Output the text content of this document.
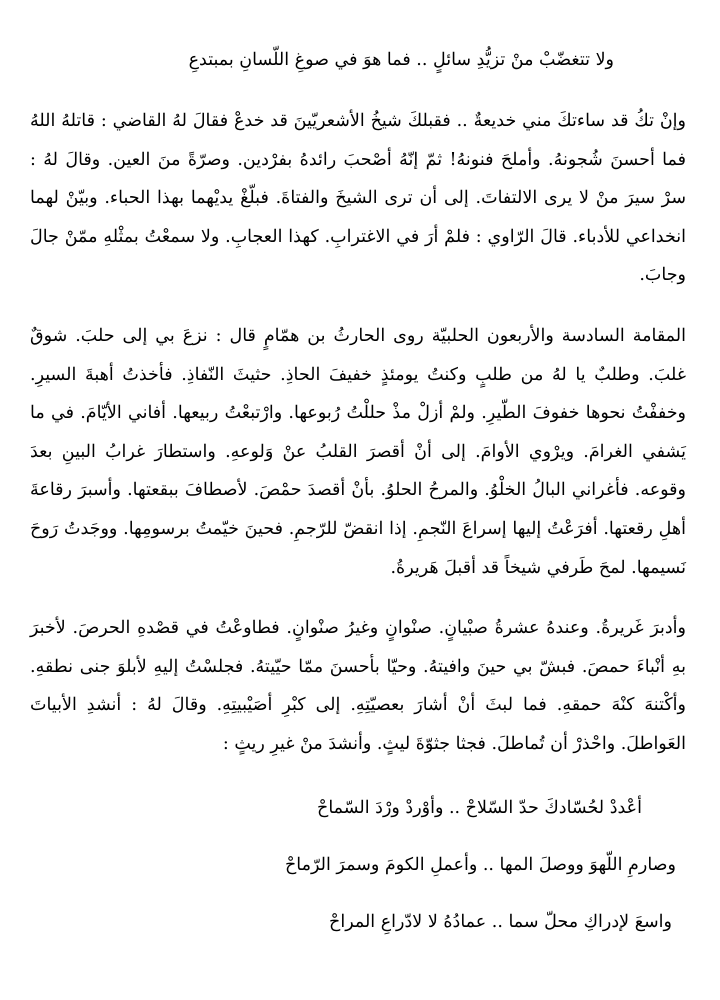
ولا تتغضّبْ منْ تزيُّدِ سائلٍ .. فما هوَ في صوغِ اللّسانِ بمبتدعِ

وإنْ تكُ قد ساءتكَ مني خديعةٌ .. فقبلكَ شيخُ الأشعريّينَ قد خدعْ فقالَ لهُ القاضي : قاتلهُ اللهُ فما أحسنَ شُجونهُ. وأملحَ فنونهُ! ثمّ إنّهُ أصْحبَ رائدهُ بفرْدين. وصرّةً منَ العين. وقالَ لهُ : سرْ سيرَ منْ لا يرى الالتفاتَ. إلى أن ترى الشيخَ والفتاةَ. فبلّغْ يديْهما بهذا الحباء. وبيّنْ لهما انخداعي للأدباء. قالَ الرّاوي : فلمْ أرَ في الاغترابِ. كهذا العجابِ. ولا سمعْتُ بمثْلهِ ممّنْ جالَ وجابَ.

المقامة السادسة والأربعون الحلبيّة روى الحارثُ بن همّامٍ قال : نزعَ بي إلى حلبَ. شوقٌ غلبَ. وطلبٌ يا لهُ من طلبٍ وكنتُ يومئذٍ خفيفَ الحاذِ. حثيثَ النّفاذِ. فأخذتُ أهبةَ السيرِ. وخففْتُ نحوها خفوفَ الطّيرِ. ولمْ أزلْ مذْ حللْتُ رُبوعها. وارْتبعْتُ ربيعها. أفاني الأيّامَ. في ما يَشفي الغرامَ. ويرْوي الأوامَ. إلى أنْ أقصرَ القلبُ عنْ وَلوعهِ. واستطارَ غرابُ البينِ بعدَ وقوعه. فأغراني البالُ الخلْوُ. والمرحُ الحلوُ. بأنْ أقصدَ حمْصَ. لأصطافَ ببقعتها. وأسبرَ رقاعةَ أهلِ رقعتها. أفرَعْتُ إليها إسراعَ النّجمِ. إذا انقضّ للرّجمِ. فحينَ خيّمتُ برسومِها. ووجَدتُ رَوحَ نَسيمها. لمحَ طَرفي شيخاً قد أقبلَ هَريرةُ.

وأدبرَ غَريرةُ. وعندهُ عشرةُ صبْيانٍ. صنْوانٍ وغيرُ صنْوانٍ. فطاوعْتُ في قصْدهِ الحرصَ. لأخبرَ بهِ أنْباءَ حمصَ. فبشّ بي حينَ وافيتهُ. وحيّا بأحسنَ ممّا حيّيتهُ. فجلسْتُ إليهِ لأبلوَ جنى نطقهِ. وأكْتنهَ كنْهَ حمقهِ. فما لبثَ أنْ أشارَ بعصيّتِهِ. إلى كبْرِ أصَيْبيتِهِ. وقالَ لهُ : أنشدِ الأبياتَ العَواطلَ. واحْذرْ أن تُماطلَ. فجثا جثوّةَ ليثٍ. وأنشدَ منْ غيرِ ريثٍ :

أعْددْ لحُسّادكَ حدّ السّلاحْ .. وأوْردْ ورْدَ السّماحْ

وصارمِ اللّهوَ ووصلَ المها .. وأعملِ الكومَ وسمرَ الرّماحْ

واسعَ لإدراكِ محلّ سما .. عمادُهُ لا لادّراعِ المراحْ
